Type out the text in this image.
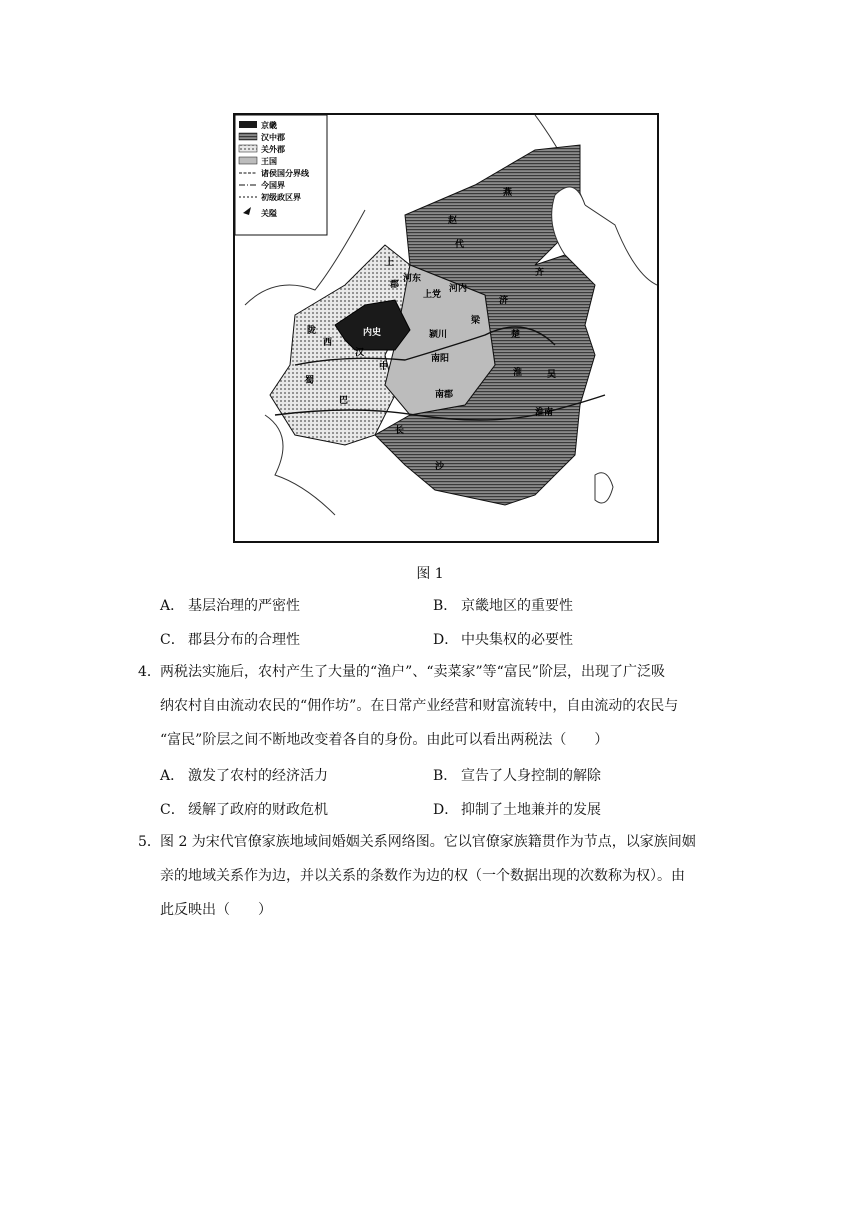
京畿
汉中郡
关外郡
王国
诸侯国分界线
今国界
初级政区界
关隘
燕
赵
代
上
郡
陇
西
蜀
巴
汉
中
内史
河东
上党
河内
颍川
南阳
南郡
长
沙
淮	吴
济
楚
齐
梁
淮南
图 1
A． 基层治理的严密性	B． 京畿地区的重要性
C． 郡县分布的合理性	D． 中央集权的必要性
4． 两税法实施后，农村产生了大量的“渔户”、“卖菜家”等“富民”阶层，出现了广泛吸
纳农村自由流动农民的“佣作坊”。在日常产业经营和财富流转中，自由流动的农民与
“富民”阶层之间不断地改变着各自的身份。由此可以看出两税法（　　）
A． 激发了农村的经济活力	B． 宣告了人身控制的解除
C． 缓解了政府的财政危机	D． 抑制了土地兼并的发展
5． 图 2 为宋代官僚家族地域间婚姻关系网络图。它以官僚家族籍贯作为节点，以家族间姻
亲的地域关系作为边，并以关系的条数作为边的权（一个数据出现的次数称为权）。由
此反映出（　　）
